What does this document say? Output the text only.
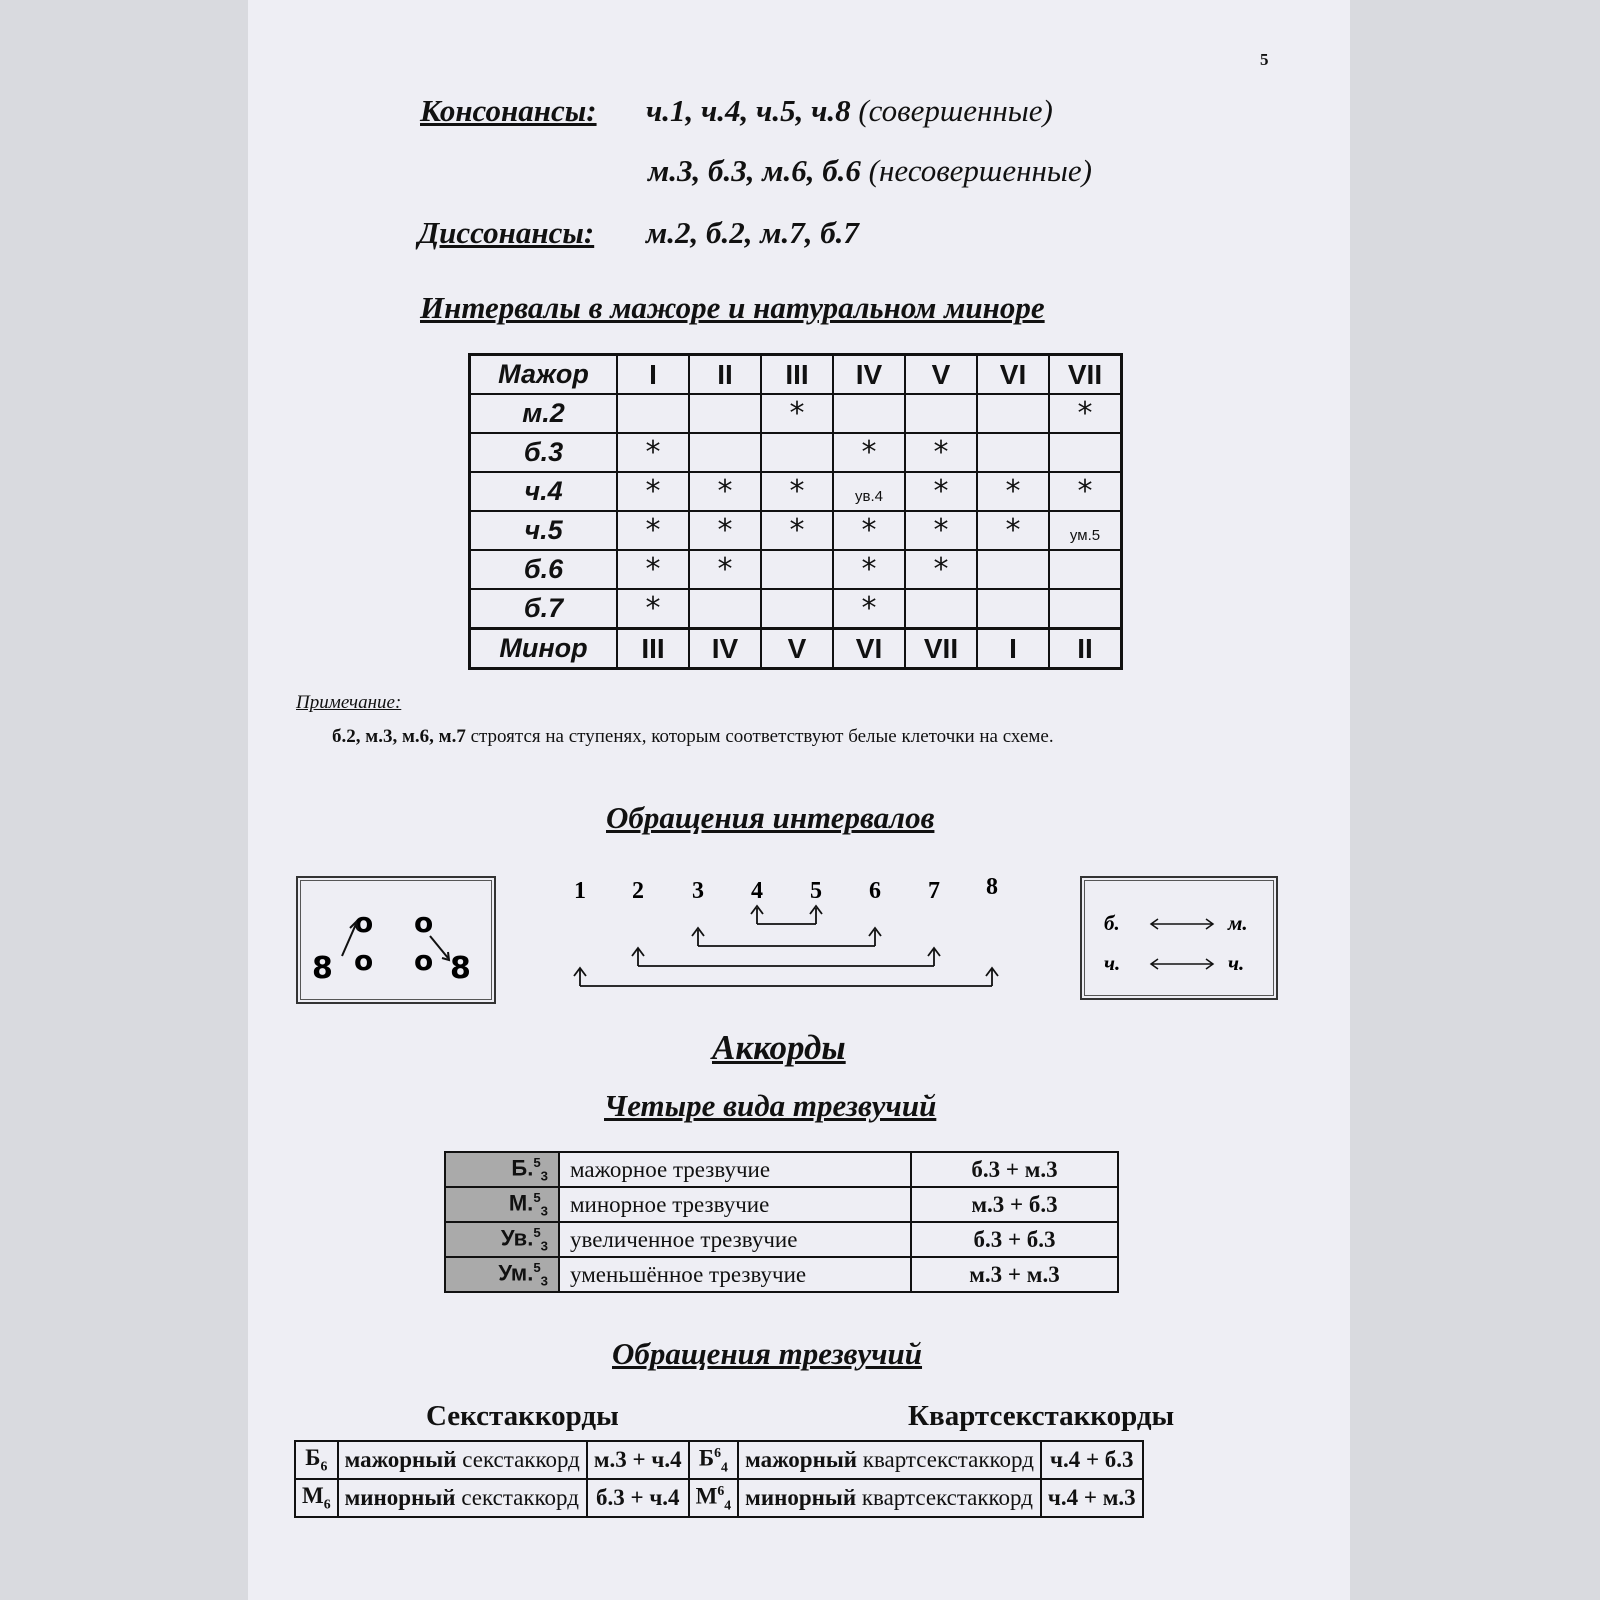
5
Консонансы: ч.1, ч.4, ч.5, ч.8 (совершенные)
м.3, б.3, м.6, б.6 (несовершенные)
Диссонансы: м.2, б.2, м.7, б.7
Интервалы в мажоре и натуральном миноре
Мажор	I	II	III	IV	V	VI	VII
м.2			*				*
б.3	*			*	*		
ч.4	*	*	*	ув.4	*	*	*
ч.5	*	*	*	*	*	*	ум.5
б.6	*	*		*	*		
б.7	*			*			
Минор	III	IV	V	VI	VII	I	II
Примечание:
б.2, м.3, м.6, м.7 строятся на ступенях, которым соответствуют белые клеточки на схеме.
Обращения интервалов
8
o
o
o
o 8
1 2 3 4 5 6 7 8
б.	м.
ч.	ч.
Аккорды
Четыре вида трезвучий
Б.$^5_3$	мажорное трезвучие	б.3 + м.3
М.$^5_3$	минорное трезвучие	м.3 + б.3
Ув.$^5_3$	увеличенное трезвучие	б.3 + б.3
Ум.$^5_3$	уменьшённое трезвучие	м.3 + м.3
Обращения трезвучий
Секстаккорды	Квартсекстаккорды
$Б_6$	мажорный секстаккорд	м.3 + ч.4	$Б^6_4$	мажорный квартсекстаккорд	ч.4 + б.3
$М_6$	минорный секстаккорд	б.3 + ч.4	$М^6_4$	минорный квартсекстаккорд	ч.4 + м.3
